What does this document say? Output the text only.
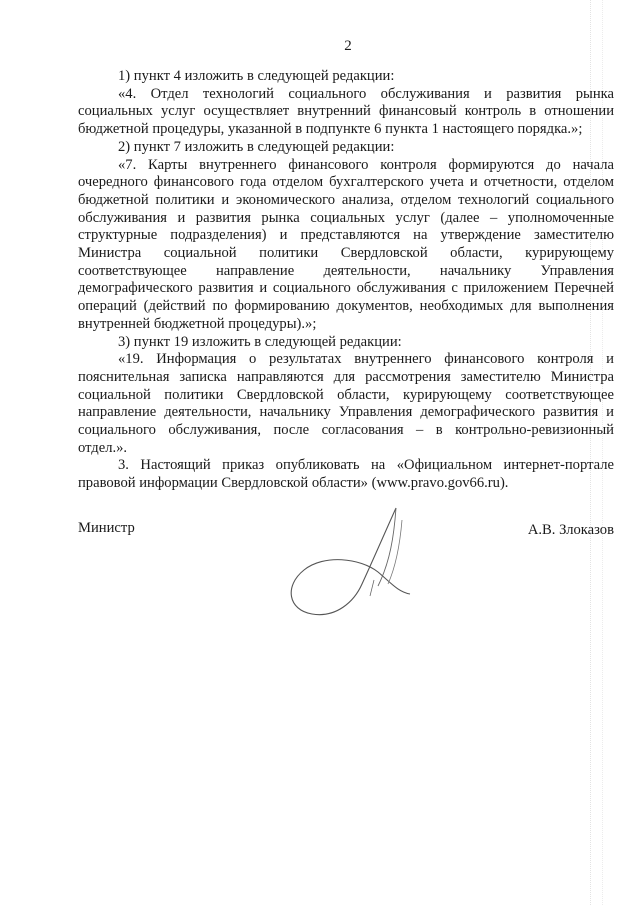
2

1) пункт 4 изложить в следующей редакции:

«4. Отдел технологий социального обслуживания и развития рынка социальных услуг осуществляет внутренний финансовый контроль в отношении бюджетной процедуры, указанной в подпункте 6 пункта 1 настоящего порядка.»;

2) пункт 7 изложить в следующей редакции:

«7. Карты внутреннего финансового контроля формируются до начала очередного финансового года отделом бухгалтерского учета и отчетности, отделом бюджетной политики и экономического анализа, отделом технологий социального обслуживания и развития рынка социальных услуг (далее – уполномоченные структурные подразделения) и представляются на утверждение заместителю Министра социальной политики Свердловской области, курирующему соответствующее направление деятельности, начальнику Управления демографического развития и социального обслуживания с приложением Перечней операций (действий по формированию документов, необходимых для выполнения внутренней бюджетной процедуры).»;

3) пункт 19 изложить в следующей редакции:

«19. Информация о результатах внутреннего финансового контроля и пояснительная записка направляются для рассмотрения заместителю Министра социальной политики Свердловской области, курирующему соответствующее направление деятельности, начальнику Управления демографического развития и социального обслуживания, после согласования – в контрольно-ревизионный отдел.».

3. Настоящий приказ опубликовать на «Официальном интернет-портале правовой информации Свердловской области» (www.pravo.gov66.ru).

Министр	А.В. Злоказов
